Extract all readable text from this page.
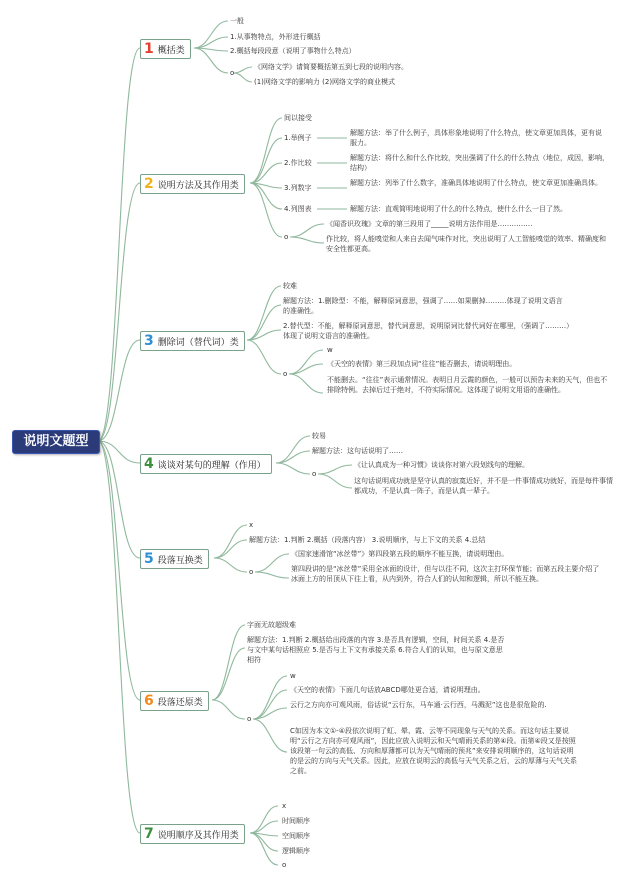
说明文题型
1 概括类
一般
1.从事物特点，外形进行概括
2.概括每段段意（说明了事物什么特点）
o
《网络文学》请简要概括第五到七段的说明内容。
(1)网络文学的影响力 (2)网络文学的商业模式
2 说明方法及其作用类
间以接受
1.举例子
2.作比较
3.列数字
4.列图表
o
解题方法：举了什么例子，具体形象地说明了什么特点，使文章更加具体，更有说服力。
解题方法：将什么和什么作比较，突出强调了什么的什么特点（地位，成因，影响，结构）
解题方法：列举了什么数字，准确具体地说明了什么特点，使文章更加准确具体。
解题方法：直观简明地说明了什么的什么特点，使什么什么一目了然。
《闻香识玫瑰》文章的第三段用了_____说明方法作用是……………
作比较，将人能嗅觉和人来自去闻气味作对比，突出说明了人工智能嗅觉的效率、精确度和安全性都更高。
3 删除词（替代词）类
较难
解题方法：1.删除型：不能，解释原词意思，强调了……如果删掉………体现了说明文语言的准确性。
2.替代型：不能，解释原词意思，替代词意思，说明原词比替代词好在哪里，（强调了………）体现了说明文语言的准确性。
o
w
《天空的表情》第三段加点词“往往”能否删去，请说明理由。
不能删去。“往往”表示通常情况。表明日月云霞的颜色，一般可以预告未来的天气，但也不排除特例。去掉后过于绝对，不符实际情况。这体现了说明文用语的准确性。
4 谈谈对某句的理解（作用）
较易
解题方法：这句话说明了……
o
《让认真成为一种习惯》谈谈你对第六段划线句的理解。
这句话说明成功就是坚守认真的寂寞近好，并不是一件事情成功就好，而是每件事情都成功，不是认真一阵子，而是认真一辈子。
5 段落互换类
x
解题方法：1.判断 2.概括（段落内容） 3.说明顺序，与上下文的关系 4.总结
o
《国家速滑馆“冰丝带”》第四段第五段的顺序不能互换，请说明理由。
第四段讲的是“冰丝带”采用全冰面的设计，但与以往不同，这次主打环保节能；而第五段主要介绍了冰面上方的吊顶从下往上看，从内到外，符合人们的认知和逻辑，所以不能互换。
6 段落还原类
字面无故超级难
解题方法：1.判断 2.概括给出段落的内容 3.是否具有逻辑，空间，时间关系 4.是否与文中某句话相照应 5.是否与上下文有承接关系 6.符合人们的认知，也与原文意思相符
o
w
《天空的表情》下面几句话放ABCD哪处更合适，请说明理由。
云行之方向亦可观风雨，俗话说“云行东，马车通·云行西，马溅泥”这也是很危险的.
C如因为本文①-④段依次说明了虹、晕、霞、云等不同现象与天气的关系。而这句话主要说明“云行之方向亦可观风雨”，因此应放入说明云和天气晴雨关系的第④段。而第④段又是按照该段第一句云的高低、方向和厚薄都可以为天气晴雨的预兆”来安排说明顺序的，这句话说明的是云的方向与天气关系。因此，应放在说明云的高低与天气关系之后，云的厚薄与天气关系之前。
7 说明顺序及其作用类
x
时间顺序
空间顺序
逻辑顺序
o
